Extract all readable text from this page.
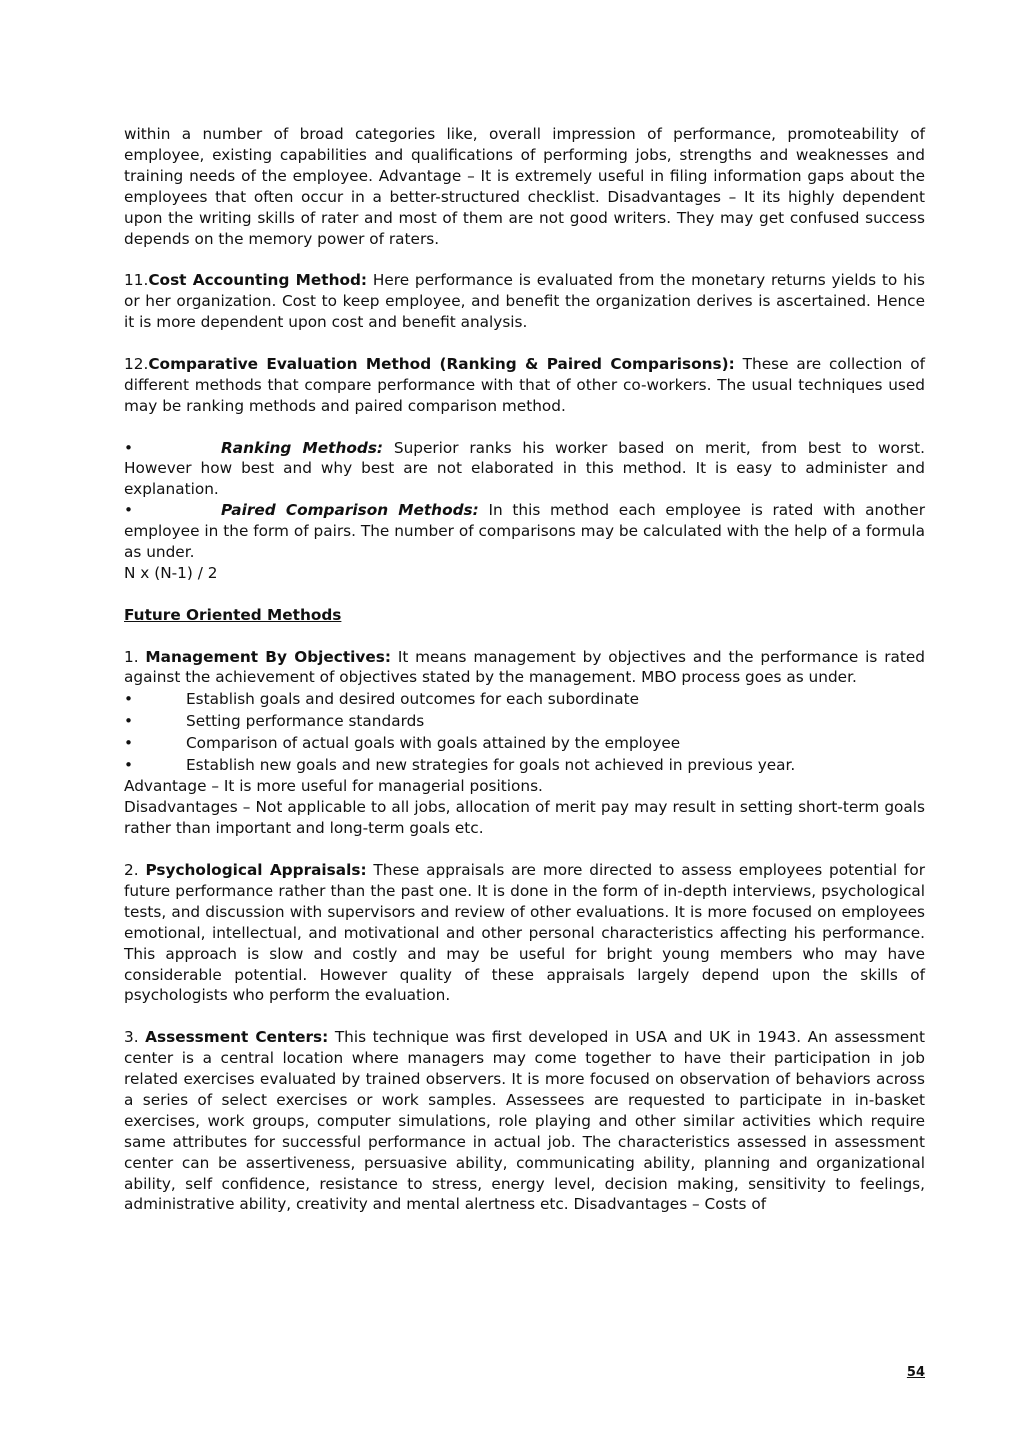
within a number of broad categories like, overall impression of performance, promoteability of employee, existing capabilities and qualifications of performing jobs, strengths and weaknesses and training needs of the employee. Advantage – It is extremely useful in filing information gaps about the employees that often occur in a better-structured checklist. Disadvantages – It its highly dependent upon the writing skills of rater and most of them are not good writers. They may get confused success depends on the memory power of raters.

11.Cost Accounting Method: Here performance is evaluated from the monetary returns yields to his or her organization. Cost to keep employee, and benefit the organization derives is ascertained. Hence it is more dependent upon cost and benefit analysis.

12.Comparative Evaluation Method (Ranking & Paired Comparisons): These are collection of different methods that compare performance with that of other co-workers. The usual techniques used may be ranking methods and paired comparison method.

•	Ranking Methods: Superior ranks his worker based on merit, from best to worst. However how best and why best are not elaborated in this method. It is easy to administer and explanation.

•	Paired Comparison Methods: In this method each employee is rated with another employee in the form of pairs. The number of comparisons may be calculated with the help of a formula as under.

N x (N-1) / 2

Future Oriented Methods

1. Management By Objectives: It means management by objectives and the performance is rated against the achievement of objectives stated by the management. MBO process goes as under.

•	Establish goals and desired outcomes for each subordinate
•	Setting performance standards
•	Comparison of actual goals with goals attained by the employee
•	Establish new goals and new strategies for goals not achieved in previous year.

Advantage – It is more useful for managerial positions.

Disadvantages – Not applicable to all jobs, allocation of merit pay may result in setting short-term goals rather than important and long-term goals etc.

2. Psychological Appraisals: These appraisals are more directed to assess employees potential for future performance rather than the past one. It is done in the form of in-depth interviews, psychological tests, and discussion with supervisors and review of other evaluations. It is more focused on employees emotional, intellectual, and motivational and other personal characteristics affecting his performance. This approach is slow and costly and may be useful for bright young members who may have considerable potential. However quality of these appraisals largely depend upon the skills of psychologists who perform the evaluation.

3. Assessment Centers: This technique was first developed in USA and UK in 1943. An assessment center is a central location where managers may come together to have their participation in job related exercises evaluated by trained observers. It is more focused on observation of behaviors across a series of select exercises or work samples. Assessees are requested to participate in in-basket exercises, work groups, computer simulations, role playing and other similar activities which require same attributes for successful performance in actual job. The characteristics assessed in assessment center can be assertiveness, persuasive ability, communicating ability, planning and organizational ability, self confidence, resistance to stress, energy level, decision making, sensitivity to feelings, administrative ability, creativity and mental alertness etc. Disadvantages – Costs of

54
